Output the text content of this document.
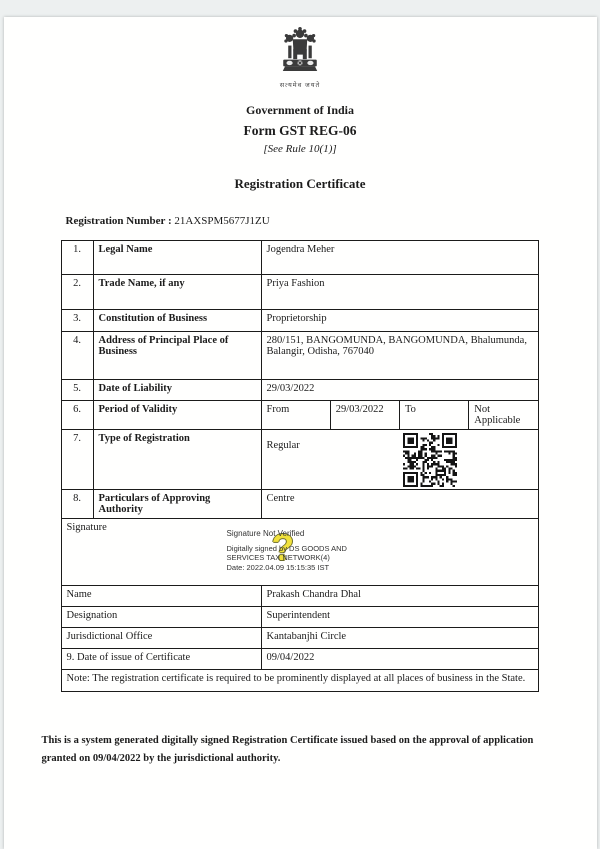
सत्यमेव जयते
Government of India
Form GST REG-06
[See Rule 10(1)]
Registration Certificate
Registration Number : 21AXSPM5677J1ZU
1.	Legal Name	Jogendra Meher			
2.	Trade Name, if any	Priya Fashion			
3.	Constitution of Business	Proprietorship			
4.	Address of Principal Place of Business	280/151, BANGOMUNDA, BANGOMUNDA, Bhalumunda, Balangir, Odisha, 767040			
5.	Date of Liability	29/03/2022			
6.	Period of Validity	From	29/03/2022	To	Not Applicable
7.	Type of Registration	Regular			

8.	Particulars of Approving Authority	Centre			
Signature	?
Signature Not Verified
Digitally signed by DS GOODS AND
SERVICES TAX NETWORK(4)
Date: 2022.04.09 15:15:35 IST

Name		Prakash Chandra Dhal			
Designation		Superintendent			
Jurisdictional Office		Kantabanjhi Circle			
9. Date of issue of Certificate		09/04/2022			
Note: The registration certificate is required to be prominently displayed at all places of business in the State.					
This is a system generated digitally signed Registration Certificate issued based on the approval of application granted on 09/04/2022 by the jurisdictional authority.
